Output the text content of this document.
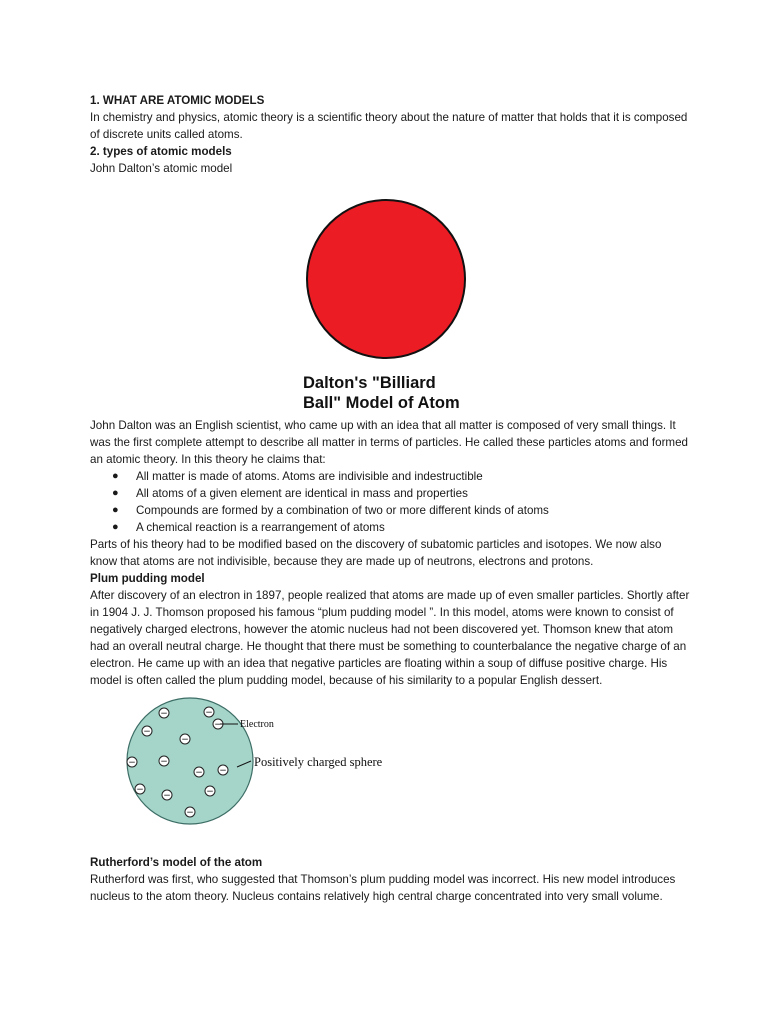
1. WHAT ARE ATOMIC MODELS

In chemistry and physics, atomic theory is a scientific theory about the nature of matter that holds that it is composed of discrete units called atoms.

2. types of atomic models

John Dalton’s atomic model

Dalton's "Billiard
Ball" Model of Atom

John Dalton was an English scientist, who came up with an idea that all matter is composed of very small things. It was the first complete attempt to describe all matter in terms of particles. He called these particles atoms and formed an atomic theory. In this theory he claims that:

● All matter is made of atoms. Atoms are indivisible and indestructible
● All atoms of a given element are identical in mass and properties
● Compounds are formed by a combination of two or more different kinds of atoms
● A chemical reaction is a rearrangement of atoms

Parts of his theory had to be modified based on the discovery of subatomic particles and isotopes. We now also know that atoms are not indivisible, because they are made up of neutrons, electrons and protons.

Plum pudding model

After discovery of an electron in 1897, people realized that atoms are made up of even smaller particles. Shortly after in 1904 J. J. Thomson proposed his famous “plum pudding model ”. In this model, atoms were known to consist of negatively charged electrons, however the atomic nucleus had not been discovered yet. Thomson knew that atom had an overall neutral charge. He thought that there must be something to counterbalance the negative charge of an electron. He came up with an idea that negative particles are floating within a soup of diffuse positive charge. His model is often called the plum pudding model, because of his similarity to a popular English dessert.

−	−
−
−
−
−	−
− −
−
−	−
−
Electron
Positively charged sphere

Rutherford’s model of the atom

Rutherford was first, who suggested that Thomson’s plum pudding model was incorrect. His new model introduces nucleus to the atom theory. Nucleus contains relatively high central charge concentrated into very small volume.
